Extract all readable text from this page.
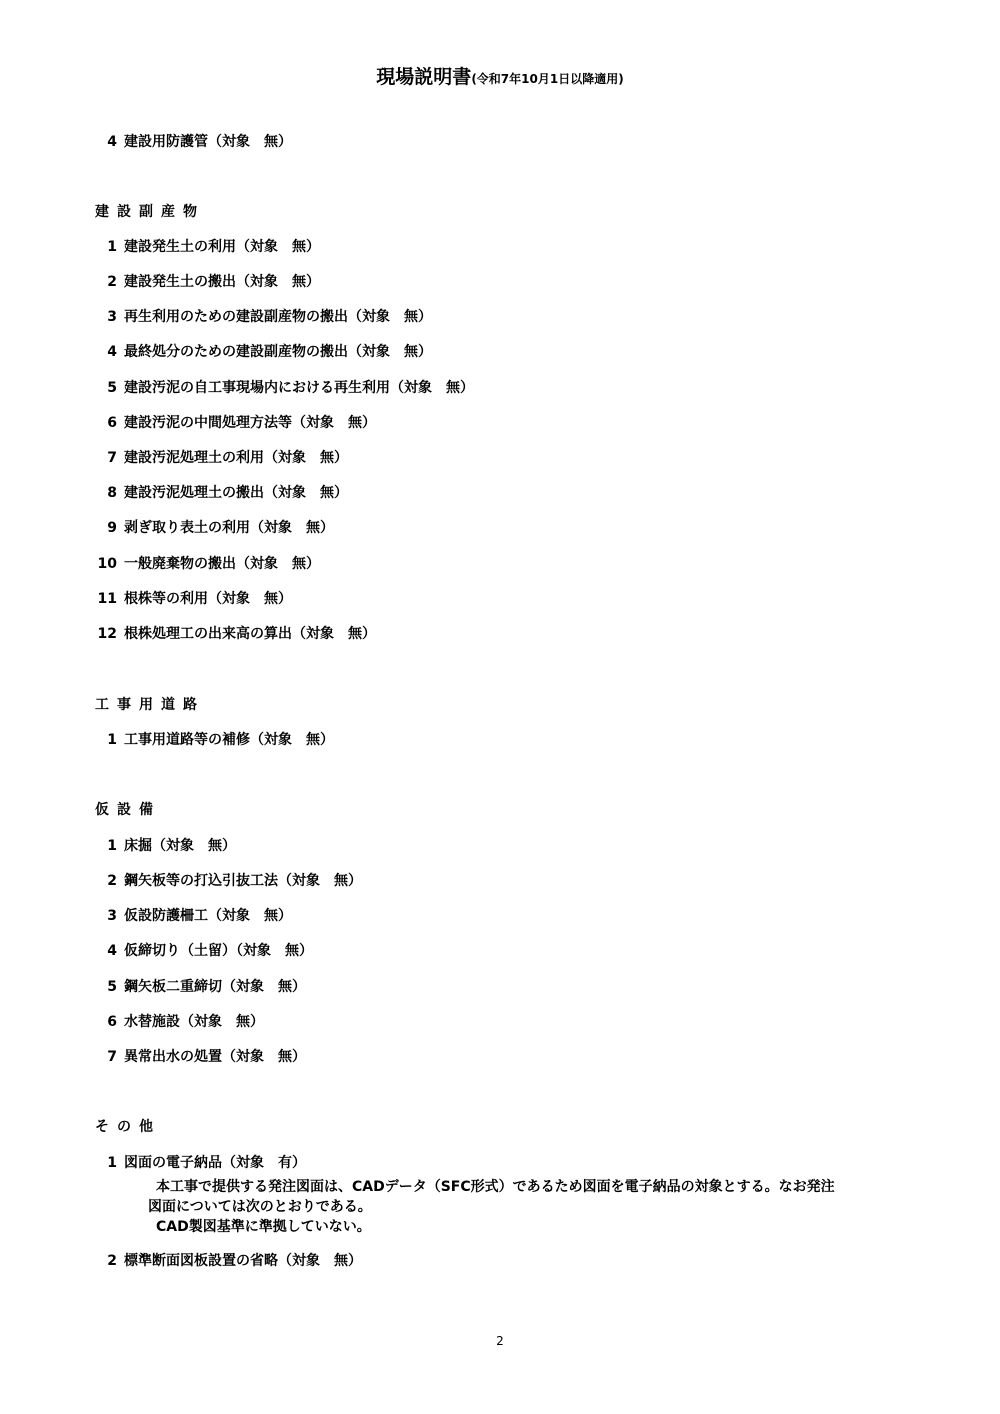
現場説明書(令和7年10月1日以降適用)
4 建設用防護管（対象　無）
建設副産物
1 建設発生土の利用（対象　無）
2 建設発生土の搬出（対象　無）
3 再生利用のための建設副産物の搬出（対象　無）
4 最終処分のための建設副産物の搬出（対象　無）
5 建設汚泥の自工事現場内における再生利用（対象　無）
6 建設汚泥の中間処理方法等（対象　無）
7 建設汚泥処理土の利用（対象　無）
8 建設汚泥処理土の搬出（対象　無）
9 剥ぎ取り表土の利用（対象　無）
10 一般廃棄物の搬出（対象　無）
11 根株等の利用（対象　無）
12 根株処理工の出来高の算出（対象　無）
工事用道路
1 工事用道路等の補修（対象　無）
仮設備
1 床掘（対象　無）
2 鋼矢板等の打込引抜工法（対象　無）
3 仮設防護柵工（対象　無）
4 仮締切り（土留）（対象　無）
5 鋼矢板二重締切（対象　無）
6 水替施設（対象　無）
7 異常出水の処置（対象　無）
その他
1 図面の電子納品（対象　有）
本工事で提供する発注図面は、CADデータ（SFC形式）であるため図面を電子納品の対象とする。なお発注
図面については次のとおりである。
CAD製図基準に準拠していない。
2 標準断面図板設置の省略（対象　無）
2
